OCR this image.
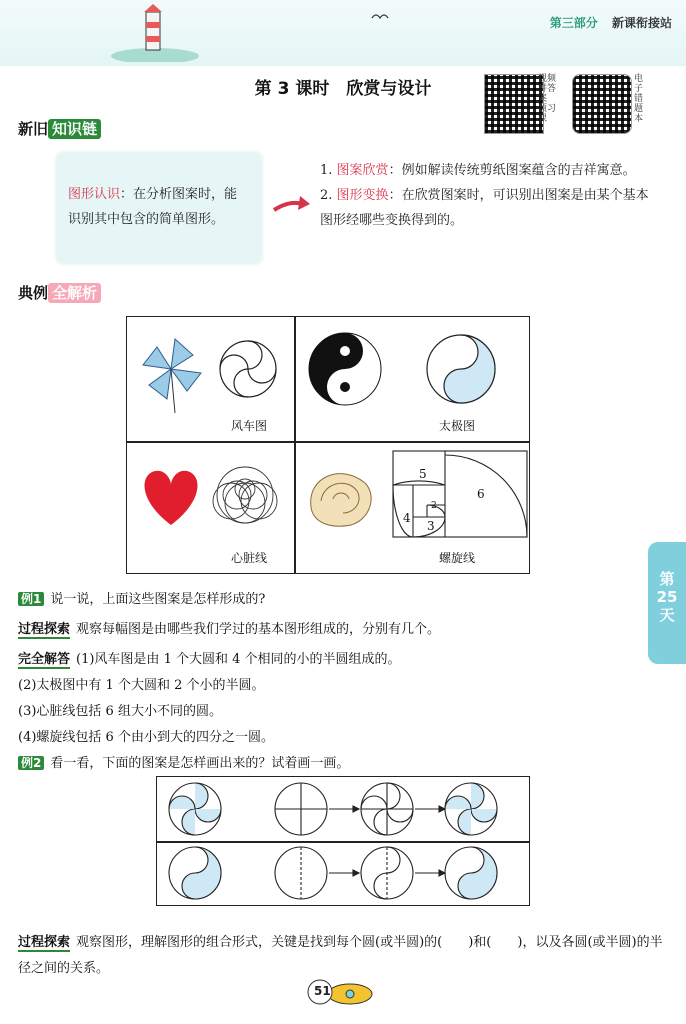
第三部分 新课衔接站
第 3 课时　欣赏与设计	视频讲答案
预习课
电子错题本
新旧 知识链
图形认识：在分析图案时，能识别其中包含的简单图形。
1. 图案欣赏：例如解读传统剪纸图案蕴含的吉祥寓意。
2. 图形变换：在欣赏图案时，可识别出图案是由某个基本图形经哪些变换得到的。
典例 全解析
风车图	太极图
心脏线
5
6
4
3
2
螺旋线
例1 说一说，上面这些图案是怎样形成的?
过程探索 观察每幅图是由哪些我们学过的基本图形组成的，分别有几个。
完全解答 (1)风车图是由 1 个大圆和 4 个相同的小的半圆组成的。
(2)太极图中有 1 个大圆和 2 个小的半圆。
(3)心脏线包括 6 组大小不同的圆。
(4)螺旋线包括 6 个由小到大的四分之一圆。
例2 看一看，下面的图案是怎样画出来的？试着画一画。
过程探索 观察图形，理解图形的组合形式，关键是找到每个圆(或半圆)的(　　)和(　　)，以及各圆(或半圆)的半径之间的关系。
第
25
天
51
